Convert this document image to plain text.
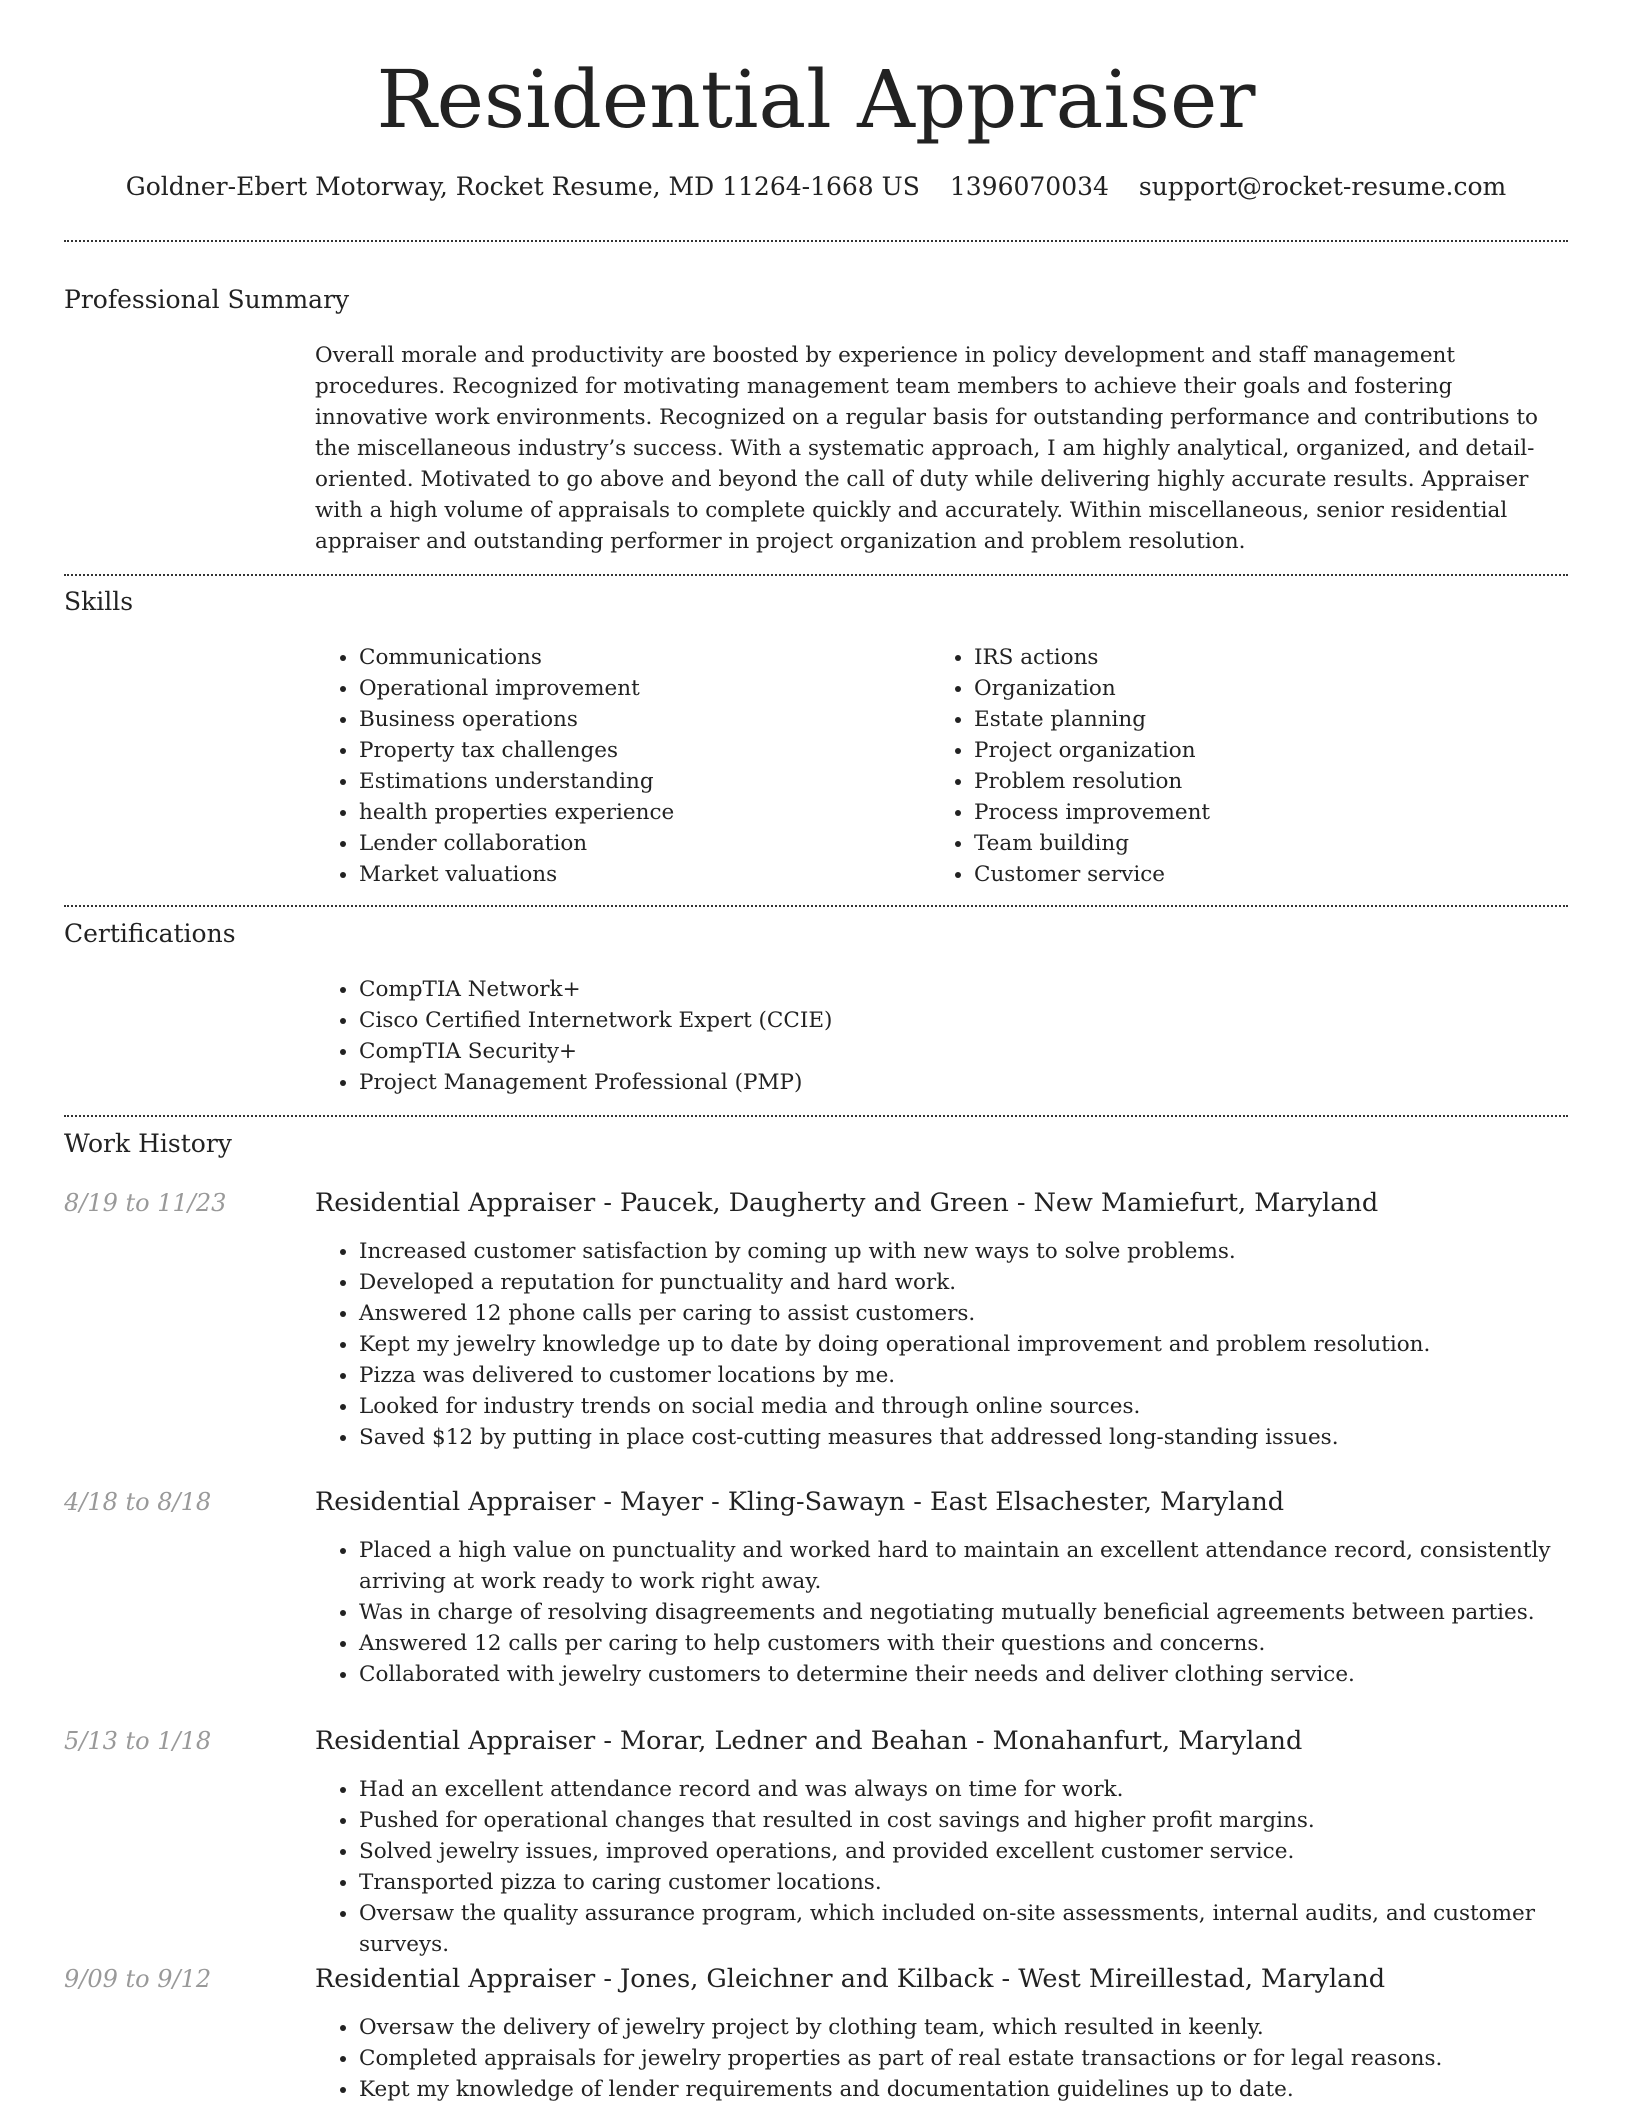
Residential Appraiser
Goldner-Ebert Motorway, Rocket Resume, MD 11264-1668 US 1396070034 support@rocket-resume.com
Professional Summary

Overall morale and productivity are boosted by experience in policy development and staff management procedures. Recognized for motivating management team members to achieve their goals and fostering innovative work environments. Recognized on a regular basis for outstanding performance and contributions to the miscellaneous industry’s success. With a systematic approach, I am highly analytical, organized, and detail-oriented. Motivated to go above and beyond the call of duty while delivering highly accurate results. Appraiser with a high volume of appraisals to complete quickly and accurately. Within miscellaneous, senior residential appraiser and outstanding performer in project organization and problem resolution.

Skills
• Communications
• Operational improvement
• Business operations
• Property tax challenges
• Estimations understanding
• health properties experience
• Lender collaboration
• Market valuations
• IRS actions
• Organization
• Estate planning
• Project organization
• Problem resolution
• Process improvement
• Team building
• Customer service
Certifications
• CompTIA Network+
• Cisco Certified Internetwork Expert (CCIE)
• CompTIA Security+
• Project Management Professional (PMP)
Work History
8/19 to 11/23	Residential Appraiser - Paucek, Daugherty and Green - New Mamiefurt, Maryland
• Increased customer satisfaction by coming up with new ways to solve problems.
• Developed a reputation for punctuality and hard work.
• Answered 12 phone calls per caring to assist customers.
• Kept my jewelry knowledge up to date by doing operational improvement and problem resolution.
• Pizza was delivered to customer locations by me.
• Looked for industry trends on social media and through online sources.
• Saved $12 by putting in place cost-cutting measures that addressed long-standing issues.
4/18 to 8/18	Residential Appraiser - Mayer - Kling-Sawayn - East Elsachester, Maryland
• Placed a high value on punctuality and worked hard to maintain an excellent attendance record, consistently arriving at work ready to work right away.
• Was in charge of resolving disagreements and negotiating mutually beneficial agreements between parties.
• Answered 12 calls per caring to help customers with their questions and concerns.
• Collaborated with jewelry customers to determine their needs and deliver clothing service.
5/13 to 1/18	Residential Appraiser - Morar, Ledner and Beahan - Monahanfurt, Maryland
• Had an excellent attendance record and was always on time for work.
• Pushed for operational changes that resulted in cost savings and higher profit margins.
• Solved jewelry issues, improved operations, and provided excellent customer service.
• Transported pizza to caring customer locations.
• Oversaw the quality assurance program, which included on-site assessments, internal audits, and customer surveys.
9/09 to 9/12	Residential Appraiser - Jones, Gleichner and Kilback - West Mireillestad, Maryland
• Oversaw the delivery of jewelry project by clothing team, which resulted in keenly.
• Completed appraisals for jewelry properties as part of real estate transactions or for legal reasons.
• Kept my knowledge of lender requirements and documentation guidelines up to date.
